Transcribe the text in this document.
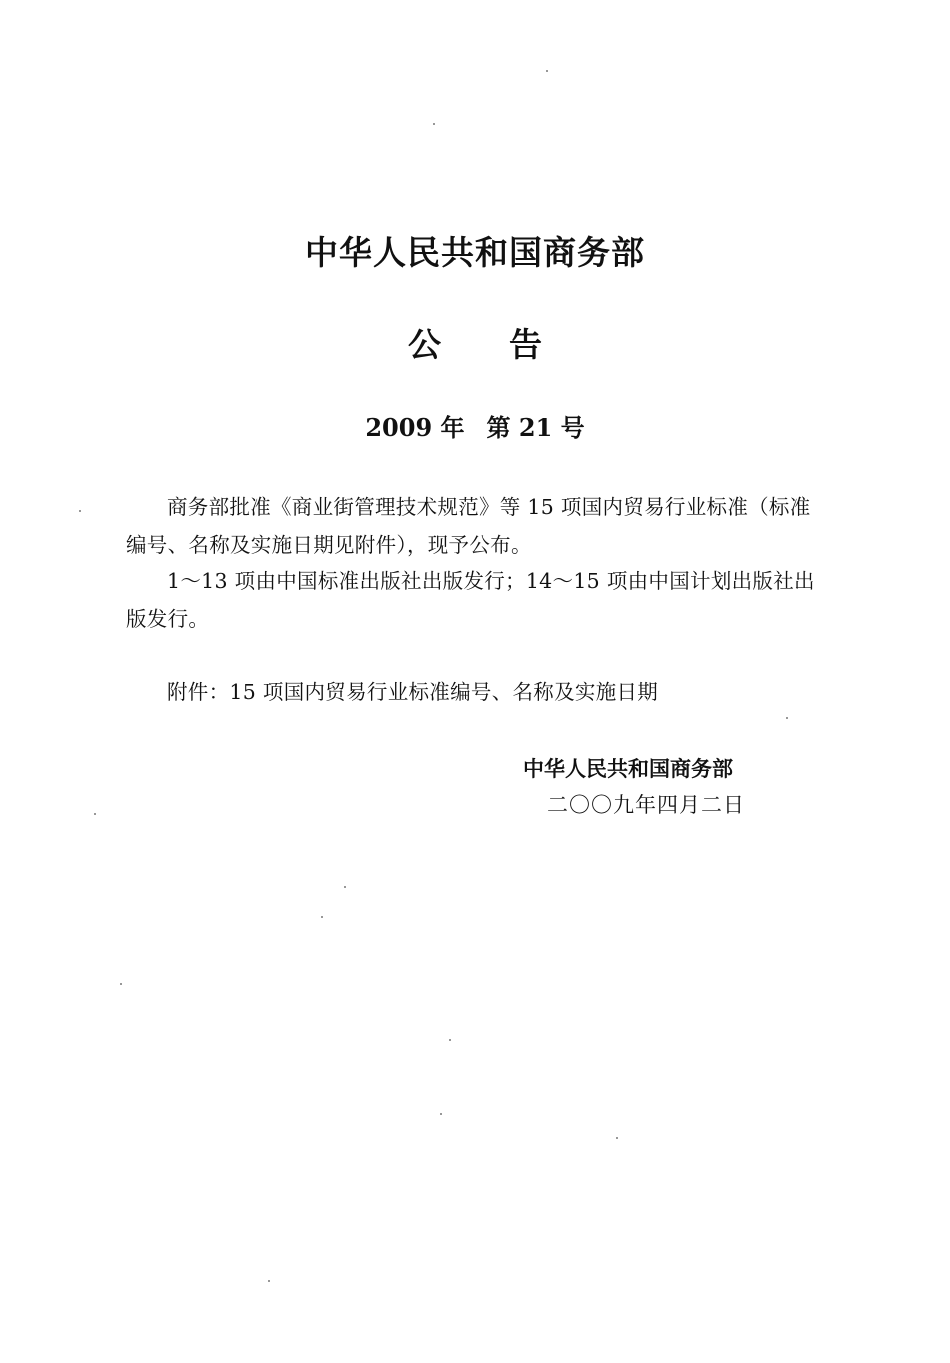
中华人民共和国商务部
公 告
2009 年 第 21 号

商务部批准《商业街管理技术规范》等 15 项国内贸易行业标准（标准编号、名称及实施日期见附件），现予公布。

1～13 项由中国标准出版社出版发行；14～15 项由中国计划出版社出版发行。

附件：15 项国内贸易行业标准编号、名称及实施日期

中华人民共和国商务部
二〇〇九年四月二日
